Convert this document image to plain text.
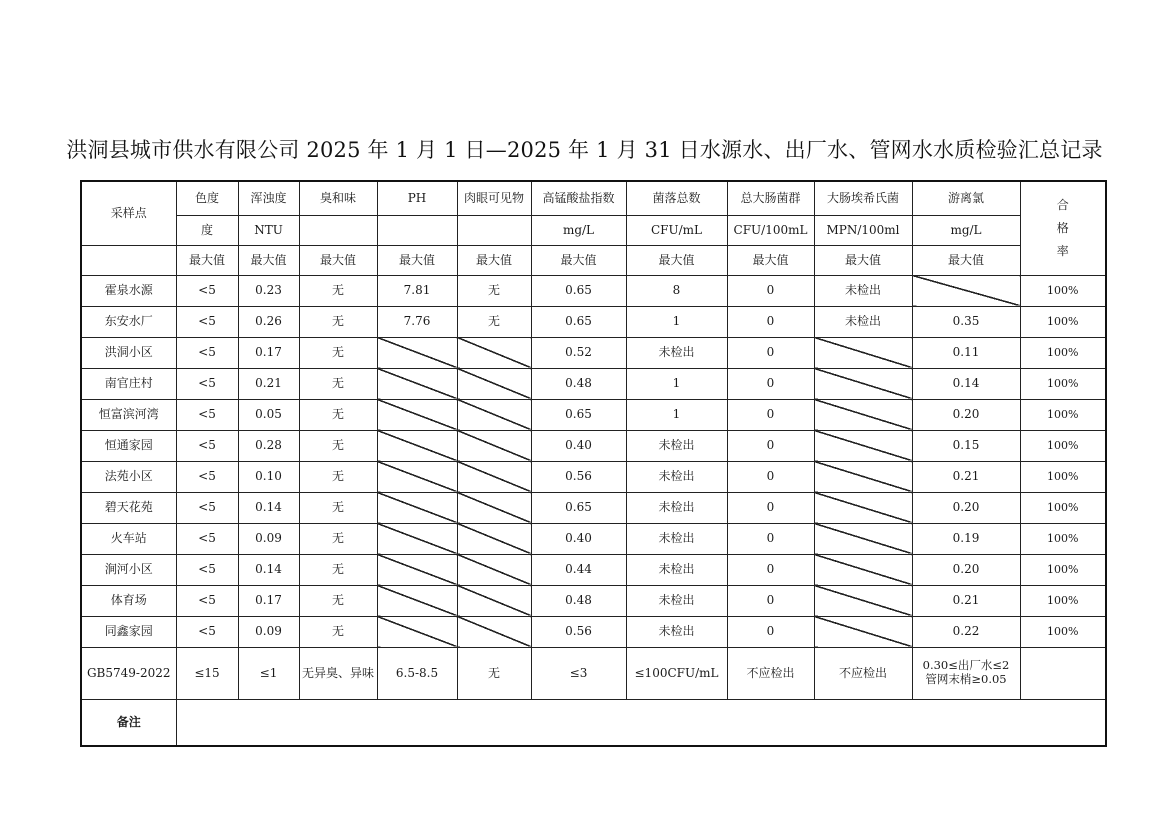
洪洞县城市供水有限公司 2025 年 1 月 1 日—2025 年 1 月 31 日水源水、出厂水、管网水水质检验汇总记录
采样点	色度	浑浊度	臭和味	PH	肉眼可见物	高锰酸盐指数	菌落总数	总大肠菌群	大肠埃希氏菌	游离氯	合
格
率

	度	NTU				mg/L	CFU/mL	CFU/100mL	MPN/100ml	mg/L	
	最大值	最大值	最大值	最大值	最大值	最大值	最大值	最大值	最大值	最大值	
霍泉水源	<5	0.23	无	7.81	无	0.65	8	0	未检出		100%
东安水厂	<5	0.26	无	7.76	无	0.65	1	0	未检出	0.35	100%
洪洞小区	<5	0.17	无			0.52	未检出	0		0.11	100%
南官庄村	<5	0.21	无			0.48	1	0		0.14	100%
恒富滨河湾	<5	0.05	无			0.65	1	0		0.20	100%
恒通家园	<5	0.28	无			0.40	未检出	0		0.15	100%
法苑小区	<5	0.10	无			0.56	未检出	0		0.21	100%
碧天花苑	<5	0.14	无			0.65	未检出	0		0.20	100%
火车站	<5	0.09	无			0.40	未检出	0		0.19	100%
涧河小区	<5	0.14	无			0.44	未检出	0		0.20	100%
体育场	<5	0.17	无			0.48	未检出	0		0.21	100%
同鑫家园	<5	0.09	无			0.56	未检出	0		0.22	100%
GB5749-2022	≤15	≤1	无异臭、异味	6.5-8.5	无	≤3	≤100CFU/mL	不应检出	不应检出	0.30≤出厂水≤2
管网末梢≥0.05	

备注											
